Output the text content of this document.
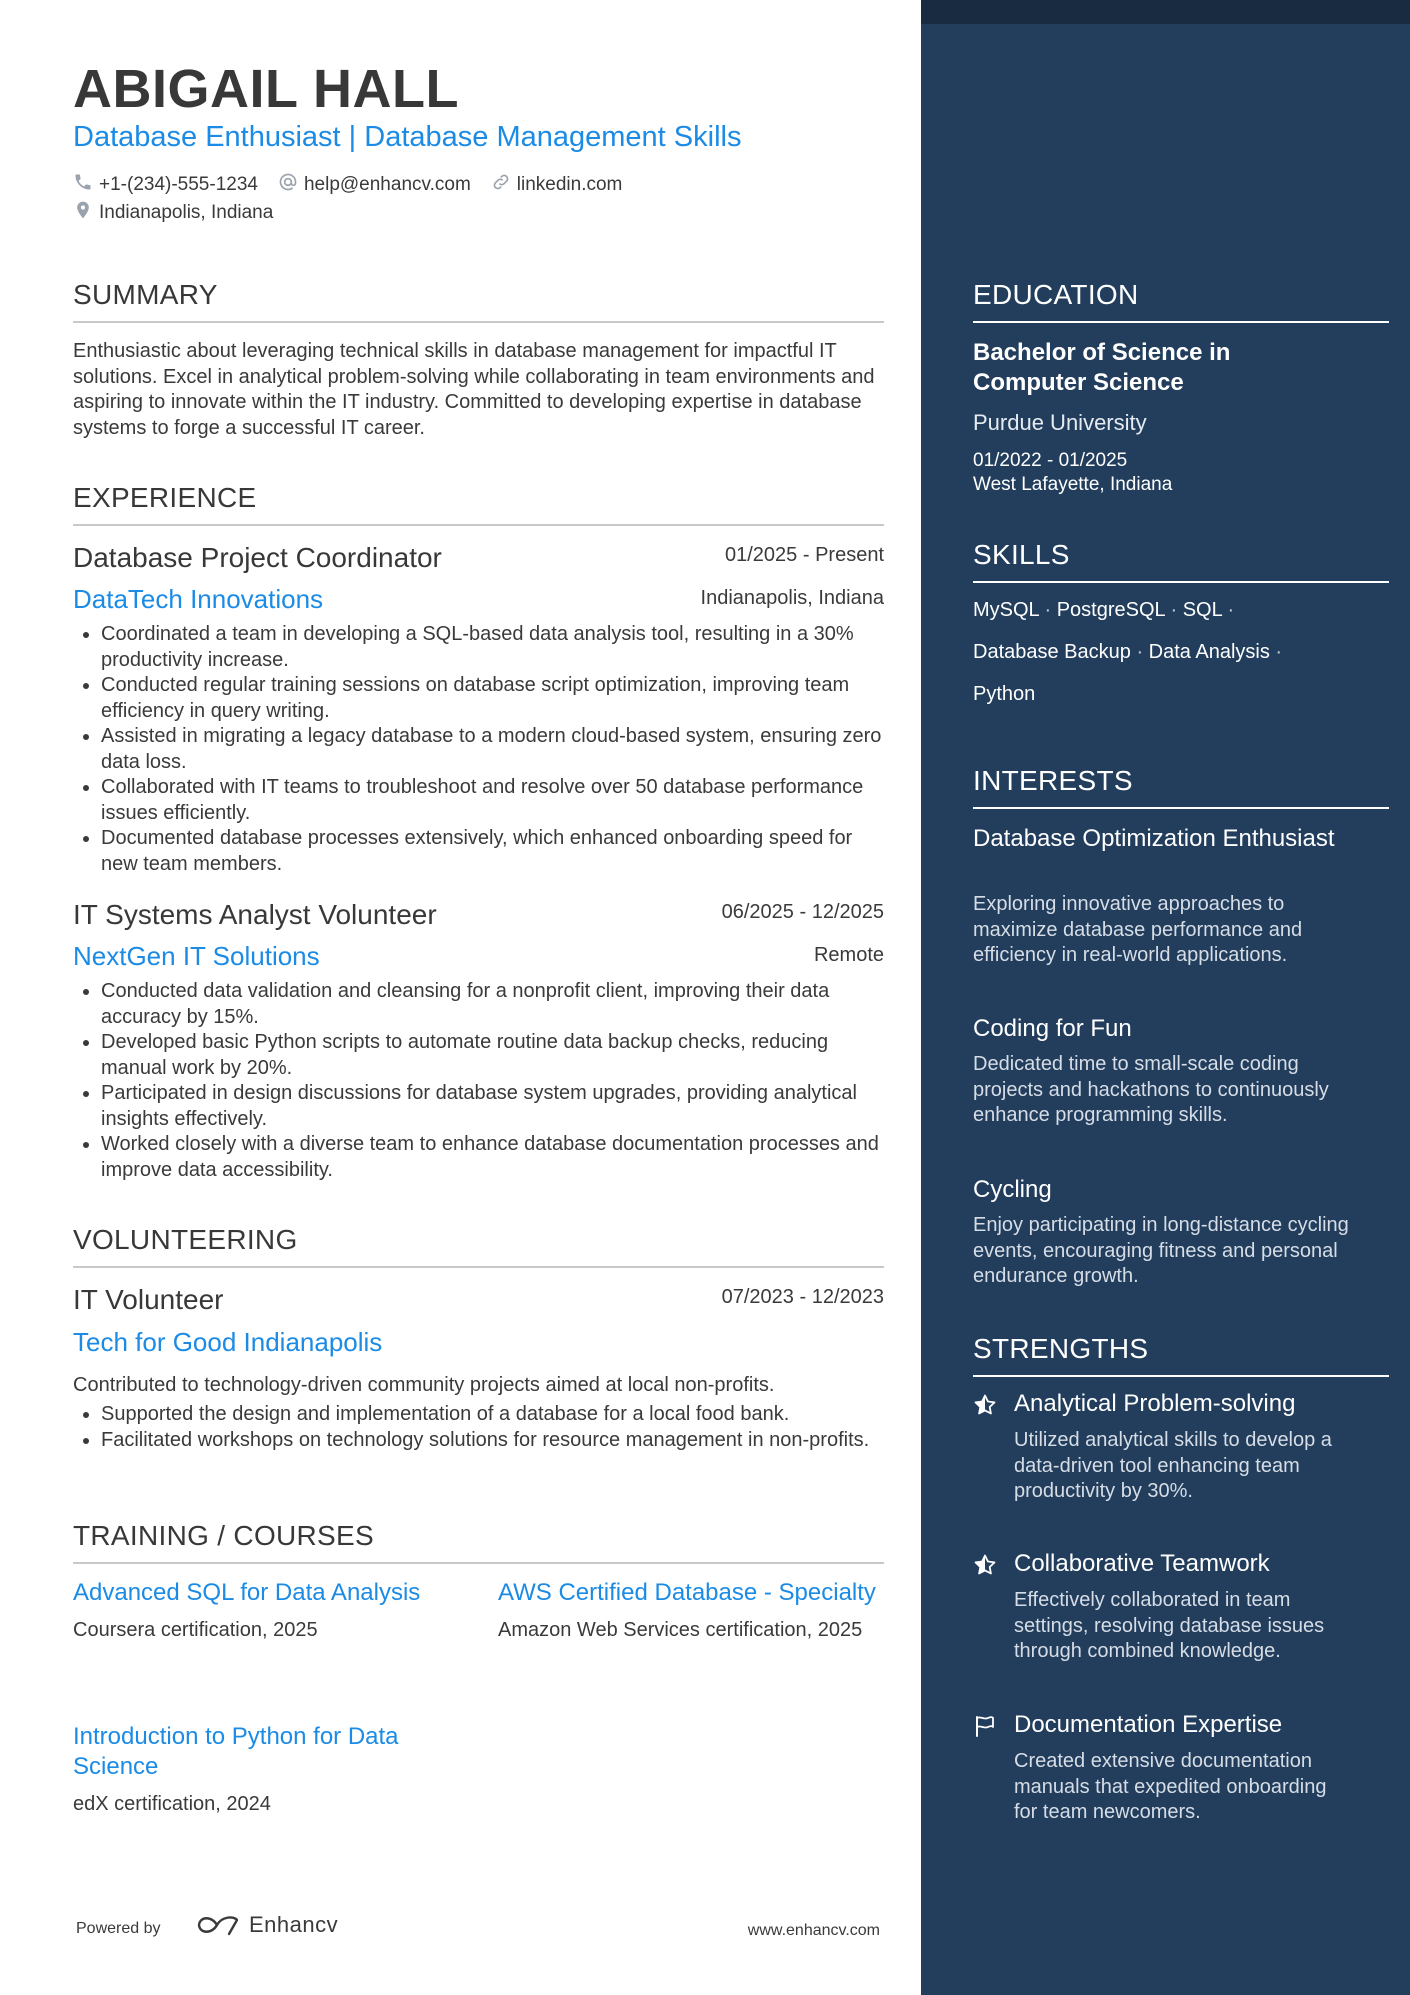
ABIGAIL HALL
Database Enthusiast | Database Management Skills
+1-(234)-555-1234 help@enhancv.com linkedin.com
Indianapolis, Indiana
SUMMARY
Enthusiastic about leveraging technical skills in database management for impactful IT solutions. Excel in analytical problem-solving while collaborating in team environments and aspiring to innovate within the IT industry. Committed to developing expertise in database systems to forge a successful IT career.
EXPERIENCE
Database Project Coordinator	01/2025 - Present
DataTech Innovations	Indianapolis, Indiana
• Coordinated a team in developing a SQL-based data analysis tool, resulting in a 30% productivity increase.
• Conducted regular training sessions on database script optimization, improving team efficiency in query writing.
• Assisted in migrating a legacy database to a modern cloud-based system, ensuring zero data loss.
• Collaborated with IT teams to troubleshoot and resolve over 50 database performance issues efficiently.
• Documented database processes extensively, which enhanced onboarding speed for new team members.
IT Systems Analyst Volunteer	06/2025 - 12/2025
NextGen IT Solutions	Remote
• Conducted data validation and cleansing for a nonprofit client, improving their data accuracy by 15%.
• Developed basic Python scripts to automate routine data backup checks, reducing manual work by 20%.
• Participated in design discussions for database system upgrades, providing analytical insights effectively.
• Worked closely with a diverse team to enhance database documentation processes and improve data accessibility.
VOLUNTEERING
IT Volunteer	07/2023 - 12/2023
Tech for Good Indianapolis
Contributed to technology-driven community projects aimed at local non-profits.
• Supported the design and implementation of a database for a local food bank.
• Facilitated workshops on technology solutions for resource management in non-profits.
TRAINING / COURSES
Advanced SQL for Data Analysis
Coursera certification, 2025
AWS Certified Database - Specialty
Amazon Web Services certification, 2025
Introduction to Python for Data Science
edX certification, 2024
Powered by	Enhancv	www.enhancv.com
EDUCATION
Bachelor of Science in Computer Science
Purdue University
01/2022 - 01/2025
West Lafayette, Indiana
SKILLS
MySQL · PostgreSQL · SQL ·
Database Backup · Data Analysis ·
Python
INTERESTS
Database Optimization Enthusiast
Exploring innovative approaches to maximize database performance and efficiency in real-world applications.
Coding for Fun
Dedicated time to small-scale coding projects and hackathons to continuously enhance programming skills.
Cycling
Enjoy participating in long-distance cycling events, encouraging fitness and personal endurance growth.
STRENGTHS
Analytical Problem-solving
Utilized analytical skills to develop a data-driven tool enhancing team productivity by 30%.
Collaborative Teamwork
Effectively collaborated in team settings, resolving database issues through combined knowledge.
Documentation Expertise
Created extensive documentation manuals that expedited onboarding for team newcomers.
